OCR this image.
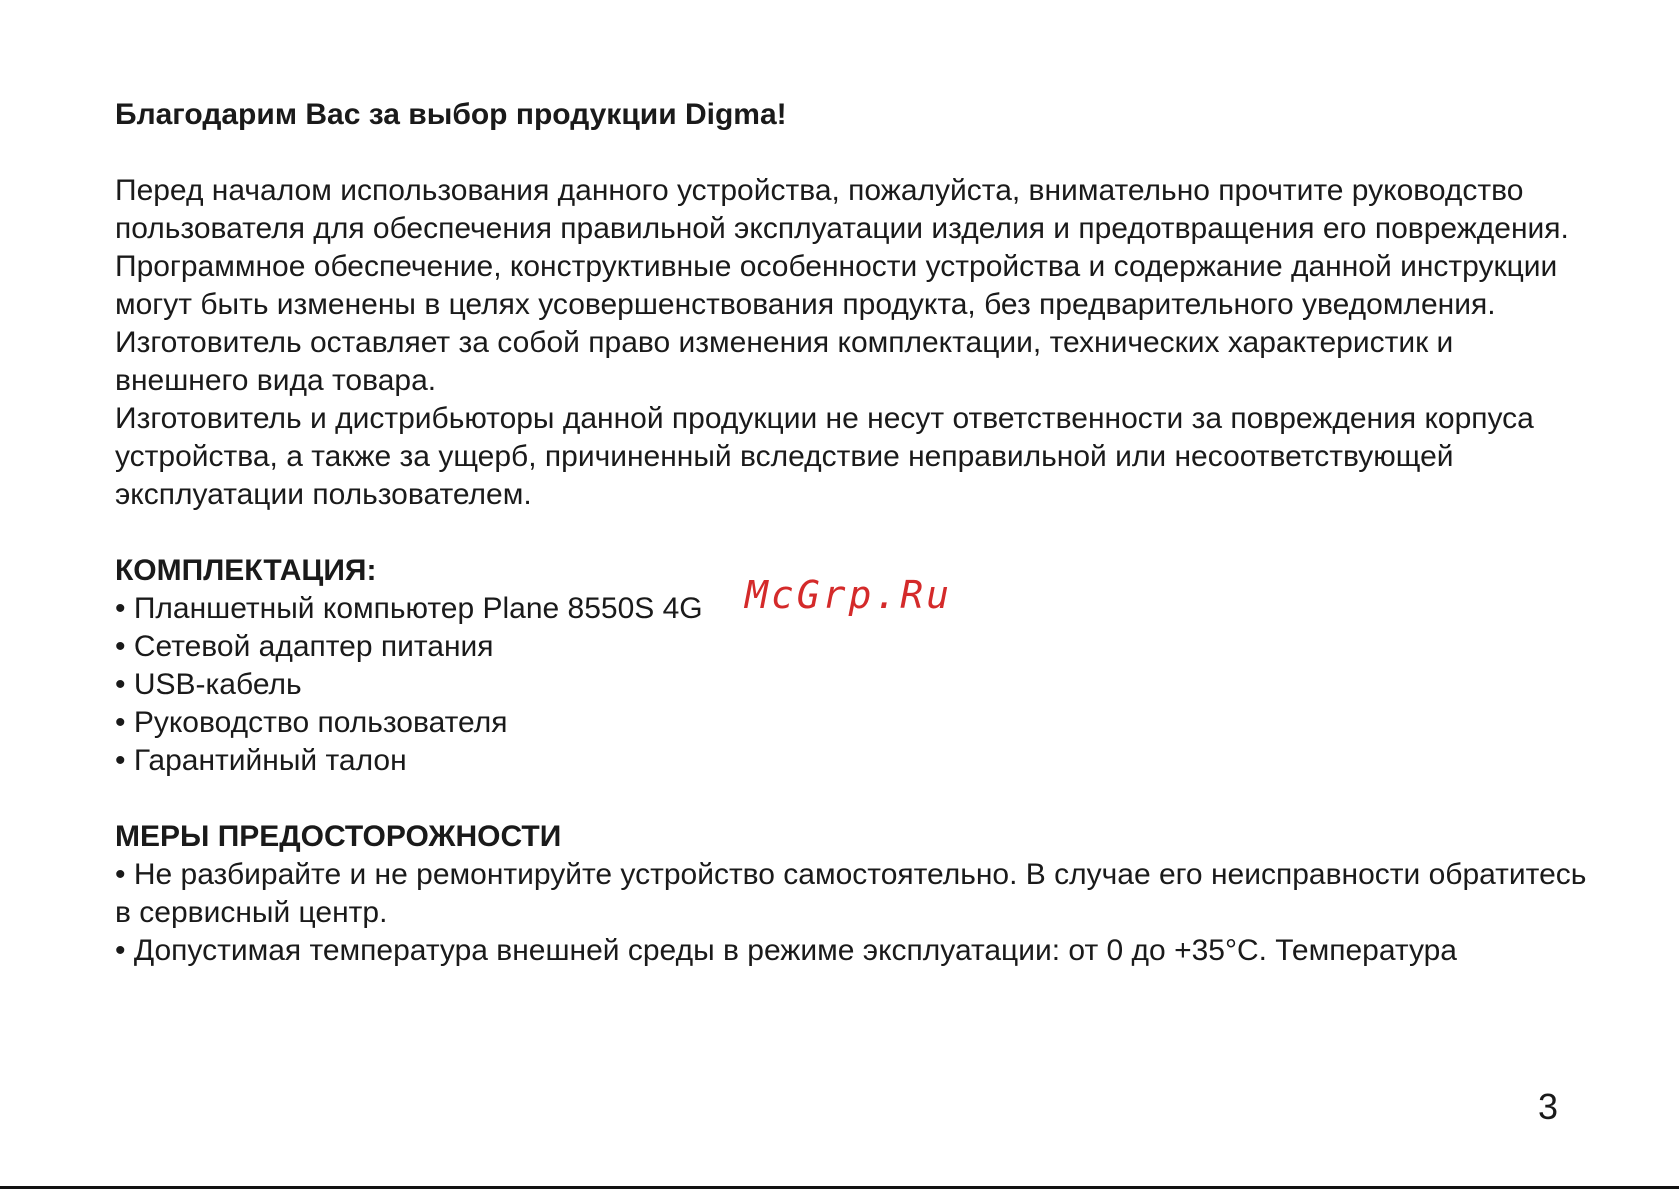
Благодарим Вас за выбор продукции Digma!

Перед началом использования данного устройства, пожалуйста, внимательно прочтите руководство пользователя для обеспечения правильной эксплуатации изделия и предотвращения его повреждения.

Программное обеспечение, конструктивные особенности устройства и содержание данной инструкции могут быть изменены в целях усовершенствования продукта, без предварительного уведомления.

Изготовитель оставляет за собой право изменения комплектации, технических характеристик и внешнего вида товара.

Изготовитель и дистрибьюторы данной продукции не несут ответственности за повреждения корпуса устройства, а также за ущерб, причиненный вследствие неправильной или несоответствующей эксплуатации пользователем.

КОМПЛЕКТАЦИЯ:

• Планшетный компьютер Plane 8550S 4G
• Сетевой адаптер питания
• USB-кабель
• Руководство пользователя
• Гарантийный талон

МЕРЫ ПРЕДОСТОРОЖНОСТИ

• Не разбирайте и не ремонтируйте устройство самостоятельно. В случае его неисправности обратитесь в сервисный центр.
• Допустимая температура внешней среды в режиме эксплуатации: от 0 до +35°С. Температура
McGrp.Ru
3
